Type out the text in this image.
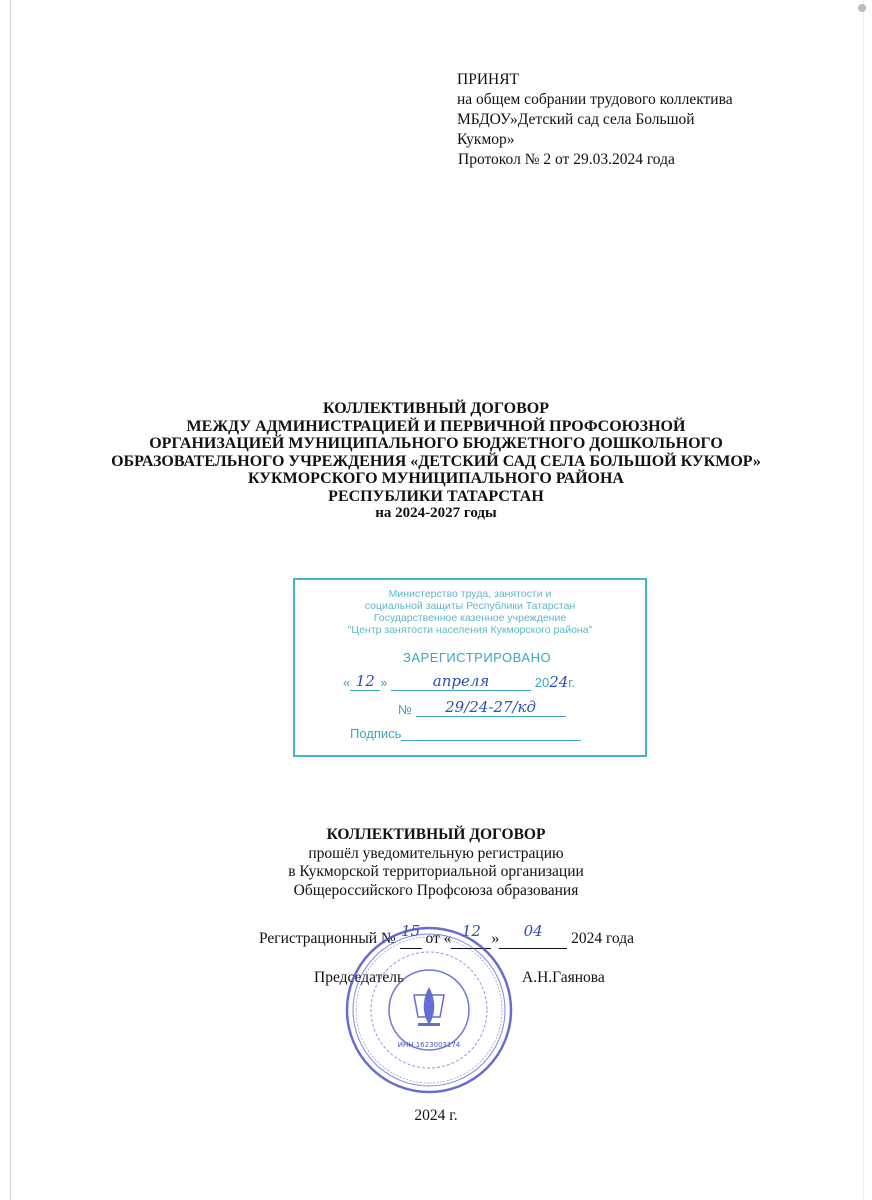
ПРИНЯТ
на общем собрании трудового коллектива
МБДОУ»Детский сад села Большой
Кукмор»
Протокол № 2 от 29.03.2024 года
КОЛЛЕКТИВНЫЙ ДОГОВОР
МЕЖДУ АДМИНИСТРАЦИЕЙ И ПЕРВИЧНОЙ ПРОФСОЮЗНОЙ
ОРГАНИЗАЦИЕЙ МУНИЦИПАЛЬНОГО БЮДЖЕТНОГО ДОШКОЛЬНОГО
ОБРАЗОВАТЕЛЬНОГО УЧРЕЖДЕНИЯ «ДЕТСКИЙ САД СЕЛА БОЛЬШОЙ КУКМОР»
КУКМОРСКОГО МУНИЦИПАЛЬНОГО РАЙОНА
РЕСПУБЛИКИ ТАТАРСТАН
на 2024-2027 годы
Министерство труда, занятости и
социальной защиты Республики Татарстан
Государственное казенное учреждение
"Центр занятости населения Кукморского района"
ЗАРЕГИСТРИРОВАНО
« 12 »	апреля	2024г.
№ 29/24-27/кд
Подпись
КОЛЛЕКТИВНЫЙ ДОГОВОР
прошёл уведомительную регистрацию
в Кукморской территориальной организации
Общероссийского Профсоюза образования
Регистрационный № 15 от « 12 »	04	2024 года
Председатель	А.Н.Гаянова
ИНН 1623003174
2024 г.
